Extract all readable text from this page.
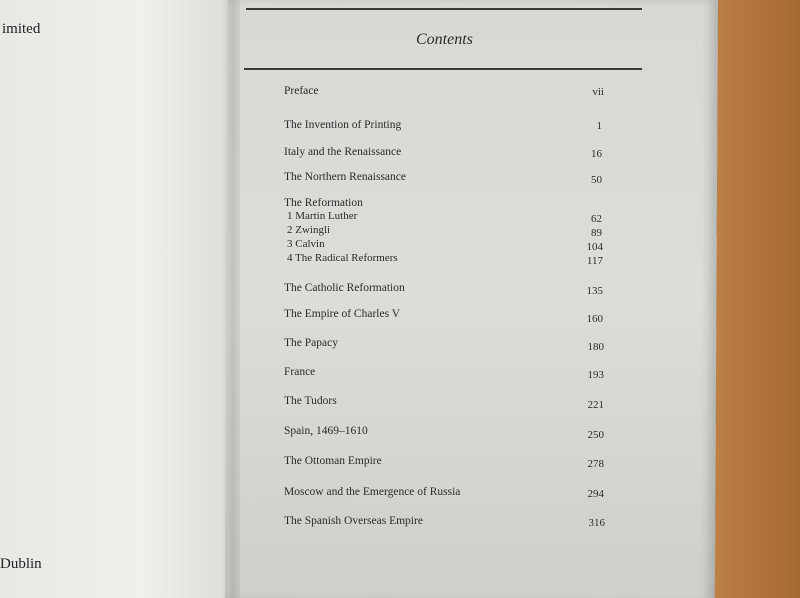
imited
Dublin
Contents
Preface	vii
The Invention of Printing	1
Italy and the Renaissance	16
The Northern Renaissance	50
The Reformation
1 Martin Luther	62
2 Zwingli	89
3 Calvin	104
4 The Radical Reformers	117
The Catholic Reformation	135
The Empire of Charles V	160
The Papacy	180
France	193
The Tudors	221
Spain, 1469–1610	250
The Ottoman Empire	278
Moscow and the Emergence of Russia	294
The Spanish Overseas Empire	316
